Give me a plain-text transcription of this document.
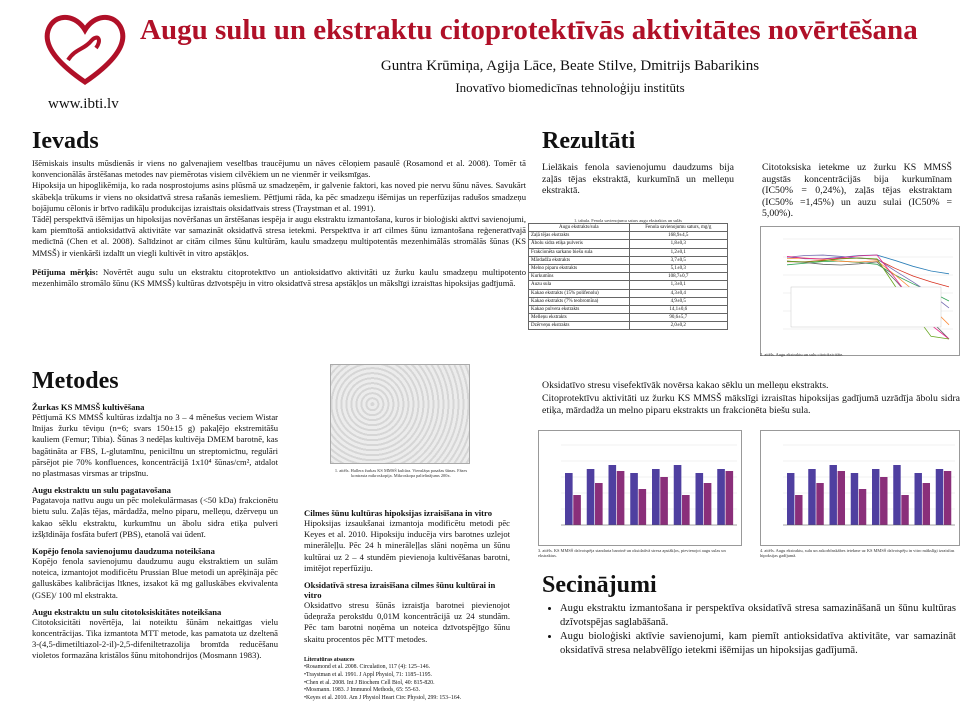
Augu sulu un ekstraktu citoprotektīvās aktivitātes novērtēšana
Guntra Krūmiņa, Agija Lāce, Beate Stilve, Dmitrijs Babarikins
Inovatīvo biomedicīnas tehnoloģiju institūts
www.ibti.lv
Ievads

Išēmiskais insults mūsdienās ir viens no galvenajiem veselības traucējumu un nāves cēloņiem pasaulē (Rosamond et al. 2008). Tomēr tā konvencionālās ārstēšanas metodes nav piemērotas visiem cilvēkiem un ne vienmēr ir veiksmīgas.

Hipoksija un hipoglikēmija, ko rada nosprostojums asins plūsmā uz smadzeņēm, ir galvenie faktori, kas noved pie nervu šūnu nāves. Savukārt skābekļa trūkums ir viens no oksidatīvā stresa rašanās iemesliem. Pētījumi rāda, ka pēc smadzeņu išēmijas un reperfūzijas radušos smadzeņu bojājumu cēlonis ir brīvo radikāļu produkcijas izraisītais oksidatīvais stress (Traystman et al. 1991).

Tādēļ perspektīvā išēmijas un hipoksijas novēršanas un ārstēšanas iespēja ir augu ekstraktu izmantošana, kuros ir bioloģiski aktīvi savienojumi, kam piemītošā antioksidatīvā aktivitāte var samazināt oksidatīvā stresa ietekmi. Perspektīva ir arī cilmes šūnu izmantošana reģeneratīvajā medicīnā (Chen et al. 2008). Salīdzinot ar citām cilmes šūnu kultūrām, kaulu smadzeņu multipotentās mezenhimālās stromālās šūnas (KS MMSŠ) ir vienkārši izdalīt un viegli kultivēt in vitro apstākļos.

Pētījuma mērķis: Novērtēt augu sulu un ekstraktu citoprotektīvo un antioksidatīvo aktivitāti uz žurku kaulu smadzeņu multipotento mezenhimālo stromālo šūnu (KS MMSŠ) kultūras dzīvotspēju in vitro oksidatīvā stresa apstākļos un mākslīgi izraisītas hipoksijas gadījumā.

Metodes
Žurkas KS MMSŠ kultivēšana

Pētījumā KS MMSŠ kultūras izdalīja no 3 – 4 mēnešus veciem Wistar līnijas žurku tēviņu (n=6; svars 150±15 g) pakaļējo ekstremitāšu kauliem (Femur; Tibia). Šūnas 3 nedēļas kultivēja DMEM barotnē, kas bagātināta ar FBS, L-glutamīnu, penicilīnu un streptomicīnu, regulāri pārsējot pie 70% konfluences, koncentrācijā 1x10⁴ šūnas/cm², atdalot no plastmasas virsmas ar tripsīnu.

Augu ekstraktu un sulu pagatavošana

Pagatavoja natīvu augu un pēc molekulārmasas (<50 kDa) frakcionētu bietu sulu. Zaļās tējas, mārdadža, melno piparu, melleņu, dzērveņu un kakao sēklu ekstraktu, kurkumīnu un ābolu sidra etiķa pulveri izšķīdināja fosfāta buferī (PBS), etanolā vai ūdenī.

Kopējo fenola savienojumu daudzuma noteikšana

Kopējo fenola savienojumu daudzumu augu ekstraktiem un sulām noteica, izmantojot modificētu Prussian Blue metodi un aprēķināja pēc galluskābes kalibrācijas līknes, izsakot kā mg galluskābes ekvivalenta (GSE)/ 100 ml ekstrakta.

Augu ekstraktu un sulu citotoksiskitātes noteikšana

Citotoksicitāti novērtēja, lai noteiktu šūnām nekaitīgas vielu koncentrācijas. Tika izmantota MTT metode, kas pamatota uz dzeltenā 3-(4,5-dimetiltiazol-2-il)-2,5-difeniltetrazolija bromīda reducēšanu violetos formazāna kristālos šūnu mitohondrijos (Mosmann 1983).

1. attēls. Hallera žurkas KS MMSŠ kultūra. Vienslāņa pasažas šūnas. Fāzes kontrasta mikroskopija. Mikroskopa palielinājums 200x.
Cilmes šūnu kultūras hipoksijas izraisīšana in vitro

Hipoksijas izsaukšanai izmantoja modificētu metodi pēc Keyes et al. 2010. Hipoksiju inducēja virs barotnes uzlejot minerāleļļu. Pēc 24 h minerāleļļas slāni noņēma un šūnu kultūrai uz 2 – 4 stundēm pievienoja kultivēšanas barotni, imitējot reperfūziju.

Oksidatīvā stresa izraisīšana cilmes šūnu kultūrai in vitro

Oksidatīvo stresu šūnās izraisīja barotnei pievienojot ūdeņraža peroksīdu 0,01M koncentrācijā uz 24 stundām. Pēc tam barotni noņēma un noteica dzīvotspējīgo šūnu skaitu procentos pēc MTT metodes.

Literatūras atsauces
•Rosamond et al. 2008. Circulation, 117 (4): 125–146.
•Traystman et al. 1991. J Appl Physiol, 71: 1185–1195.
•Chen et al. 2008. Int J Biochem Cell Biol, 40: 815-820.
•Mosmann. 1983. J Immunol Methods, 65: 55-63.
•Keyes et al. 2010. Am J Physiol Heart Circ Physiol, 299: 153–164.
Rezultāti
Lielākais fenola savienojumu daudzums bija zaļās tējas ekstraktā, kurkumīnā un melleņu ekstraktā.
Citotoksiska ietekme uz žurku KS MMSŠ augstās koncentrācijās bija kurkumīnam (IC50% = 0,24%), zaļās tējas ekstraktam (IC50% =1,45%) un auzu sulai (IC50% = 5,00%).
1. tabula. Fenola savienojumu saturs augu ekstraktos un sulās
Augu ekstrakts/sula	Fenola savienojumu saturs, mg/g
Zaļā tējas ekstrakts	168,9±4,5
Ābolu sidra etiķa pulveris	1,8±0,3
Frakcionēta sarkano biešu sula	1,2±0,1
Mārdadža ekstrakts	3,7±0,5
Melno piparu ekstrakts	5,1±0,3
Kurkumīns	108,7±0,7
Auzu sula	1,3±0,1
Kakao ekstrakts (15% polifenolu)	4,3±0,4
Kakao ekstrakts (7% teobromīna)	4,9±0,5
Kakao pulvera ekstrakts	14,1±0,6
Melleņu ekstrakts	90,6±5,7
Dzērveņu ekstrakts	2,0±0,2
2. attēls. Augu ekstraktu un sulu citotoksicitāte.
Oksidatīvo stresu visefektīvāk novērsa kakao sēklu un melleņu ekstrakts.
Citoprotektīvu aktivitāti uz žurku KS MMSŠ mākslīgi izraisītas hipoksijas gadījumā uzrādīja ābolu sidra etiķa, mārdadža un melno piparu ekstrakts un frakcionēta biešu sula.
3. attēls. KS MMSŠ dzīvotspēja standarta barotnē un oksidatīvā stresa apstākļos, pievienojot augu sulas un ekstraktus.
4. attēls. Augu ekstraktu, sulu un askorbīnskābes ietekme uz KS MMSŠ dzīvotspēju in vitro mākslīgi izraisītas hipoksijas gadījumā.
Secinājumi
• Augu ekstraktu izmantošana ir perspektīva oksidatīvā stresa samazināšanā un šūnu kultūras dzīvotspējas saglabāšanā.
• Augu bioloģiski aktīvie savienojumi, kam piemīt antioksidatīva aktivitāte, var samazināt oksidatīvā stresa nelabvēlīgo ietekmi išēmijas un hipoksijas gadījumā.
